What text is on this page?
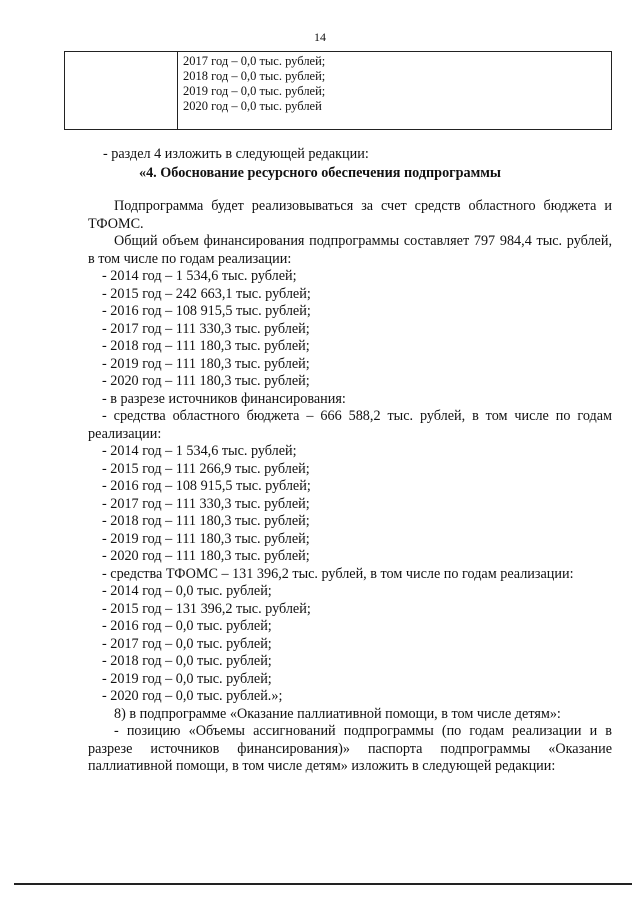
14
2017 год – 0,0 тыс. рублей;
2018 год – 0,0 тыс. рублей;
2019 год – 0,0 тыс. рублей;
2020 год – 0,0 тыс. рублей
- раздел 4 изложить в следующей редакции:
«4. Обоснование ресурсного обеспечения подпрограммы

Подпрограмма будет реализовываться за счет средств областного бюджета и ТФОМС.

Общий объем финансирования подпрограммы составляет 797 984,4 тыс. рублей, в том числе по годам реализации:

- 2014 год – 1 534,6 тыс. рублей;

- 2015 год – 242 663,1 тыс. рублей;

- 2016 год – 108 915,5 тыс. рублей;

- 2017 год – 111 330,3 тыс. рублей;

- 2018 год – 111 180,3 тыс. рублей;

- 2019 год – 111 180,3 тыс. рублей;

- 2020 год – 111 180,3 тыс. рублей;

- в разрезе источников финансирования:

- средства областного бюджета – 666 588,2 тыс. рублей, в том числе по годам реализации:

- 2014 год – 1 534,6 тыс. рублей;

- 2015 год – 111 266,9 тыс. рублей;

- 2016 год – 108 915,5 тыс. рублей;

- 2017 год – 111 330,3 тыс. рублей;

- 2018 год – 111 180,3 тыс. рублей;

- 2019 год – 111 180,3 тыс. рублей;

- 2020 год – 111 180,3 тыс. рублей;

- средства ТФОМС – 131 396,2 тыс. рублей, в том числе по годам реализации:

- 2014 год – 0,0 тыс. рублей;

- 2015 год – 131 396,2 тыс. рублей;

- 2016 год – 0,0 тыс. рублей;

- 2017 год – 0,0 тыс. рублей;

- 2018 год – 0,0 тыс. рублей;

- 2019 год – 0,0 тыс. рублей;

- 2020 год – 0,0 тыс. рублей.»;

8) в подпрограмме «Оказание паллиативной помощи, в том числе детям»:

- позицию «Объемы ассигнований подпрограммы (по годам реализации и в разрезе источников финансирования)» паспорта подпрограммы «Оказание паллиативной помощи, в том числе детям» изложить в следующей редакции:
